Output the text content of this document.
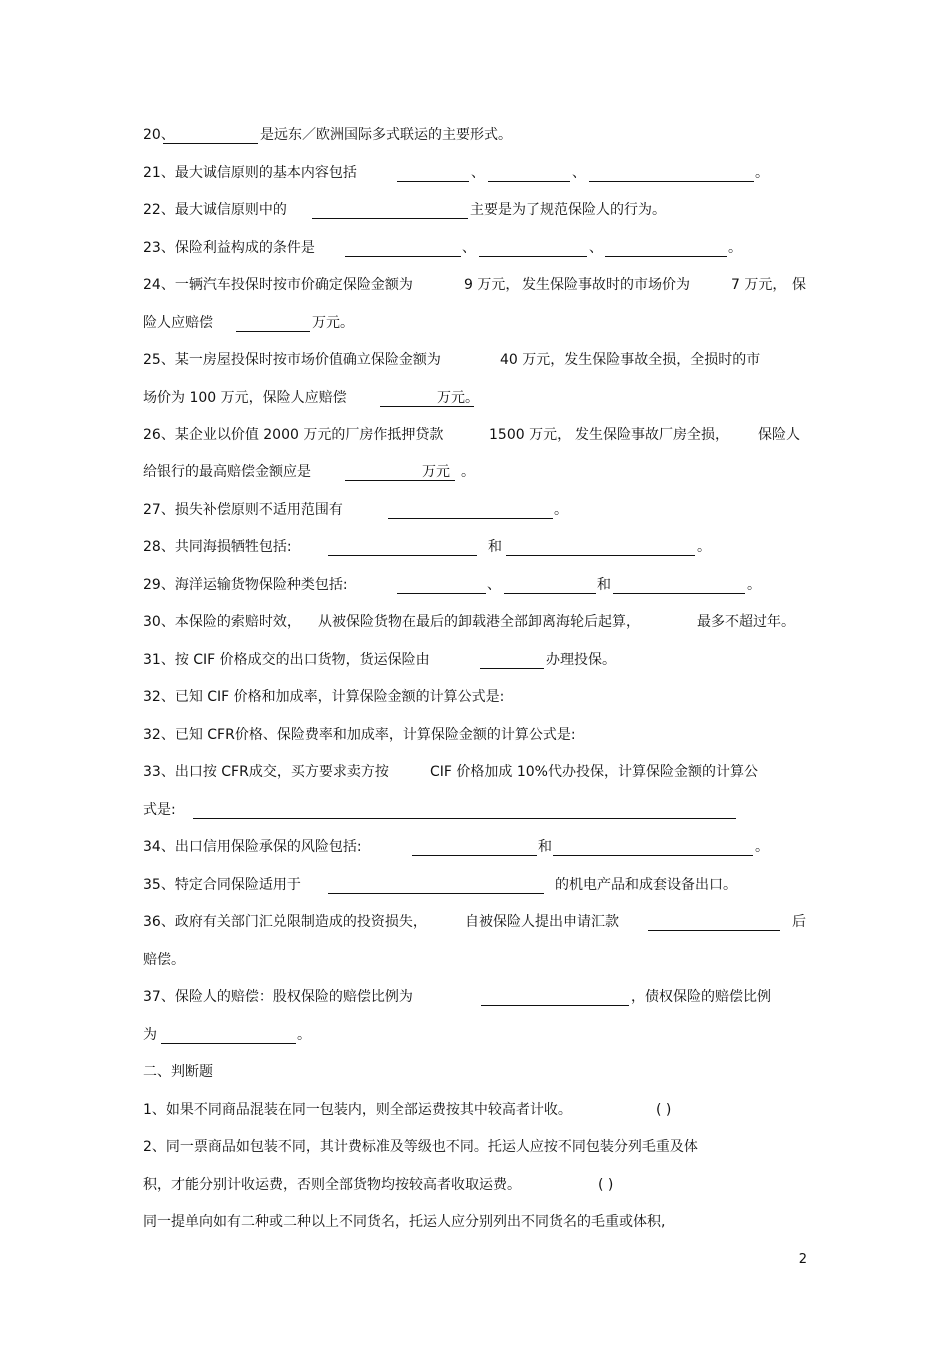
20、	是远东／欧洲国际多式联运的主要形式。
21、最大诚信原则的基本内容包括	、	、	。
22、最大诚信原则中的	主要是为了规范保险人的行为。
23、保险利益构成的条件是	、	、	。
24、一辆汽车投保时按市价确定保险金额为	9 万元， 发生保险事故时的市场价为	7 万元， 保
险人应赔偿	万元。
25、某一房屋投保时按市场价值确立保险金额为	40 万元，发生保险事故全损，全损时的市
场价为 100 万元，保险人应赔偿	万元。
26、某企业以价值 2000 万元的厂房作抵押贷款	1500 万元， 发生保险事故厂房全损， 保险人
给银行的最高赔偿金额应是	万元 。
27、损失补偿原则不适用范围有	。
28、共同海损牺牲包括:	和	。
29、海洋运输货物保险种类包括:	、	和	。
30、本保险的索赔时效， 从被保险货物在最后的卸载港全部卸离海轮后起算，	最多不超过年。
31、按 CIF 价格成交的出口货物，货运保险由	办理投保。
32、已知 CIF 价格和加成率，计算保险金额的计算公式是:
32、已知 CFR价格、保险费率和加成率，计算保险金额的计算公式是:
33、出口按 CFR成交，买方要求卖方按	CIF 价格加成 10%代办投保，计算保险金额的计算公
式是:
34、出口信用保险承保的风险包括:	和	。
35、特定合同保险适用于	的机电产品和成套设备出口。
36、政府有关部门汇兑限制造成的投资损失，	自被保险人提出申请汇款	后
赔偿。
37、保险人的赔偿：股权保险的赔偿比例为	，债权保险的赔偿比例
为	。
二、判断题
1、如果不同商品混装在同一包装内，则全部运费按其中较高者计收。	( )
2、同一票商品如包装不同，其计费标准及等级也不同。托运人应按不同包装分列毛重及体
积，才能分别计收运费，否则全部货物均按较高者收取运费。	( )
同一提单向如有二种或二种以上不同货名，托运人应分别列出不同货名的毛重或体积,
2
